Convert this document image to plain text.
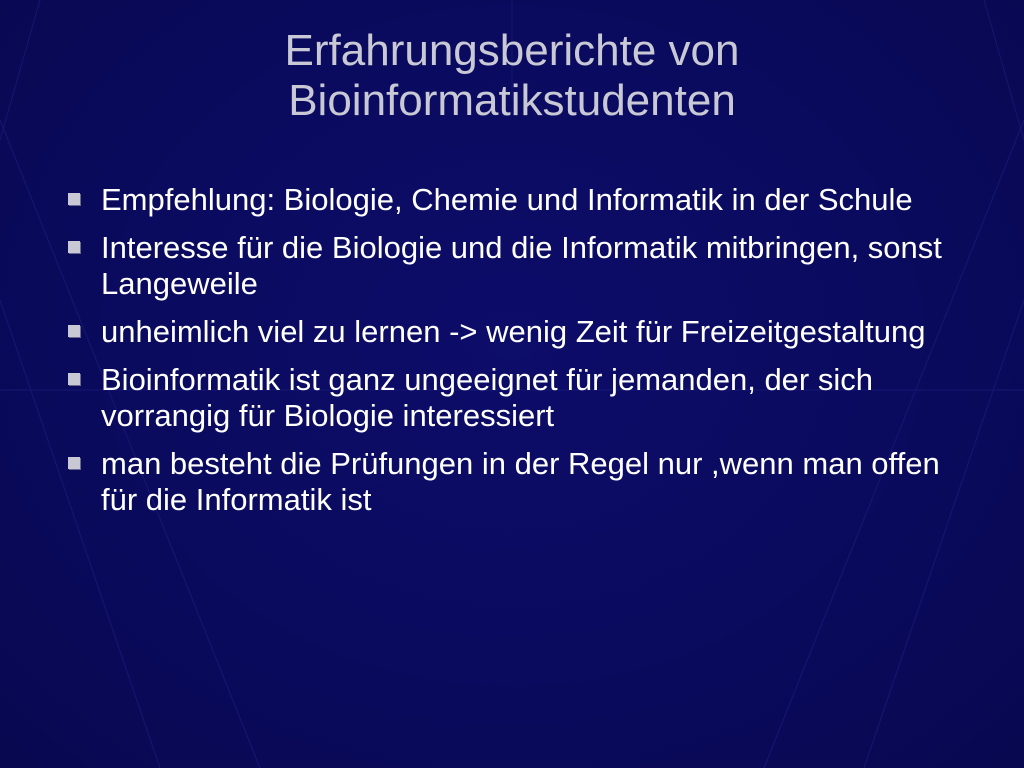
Erfahrungsberichte von
Bioinformatikstudenten
Empfehlung: Biologie, Chemie und Informatik in der Schule
Interesse für die Biologie und die Informatik mitbringen, sonst Langeweile
unheimlich viel zu lernen -> wenig Zeit für Freizeitgestaltung
Bioinformatik ist ganz ungeeignet für jemanden, der sich vorrangig für Biologie interessiert
man besteht die Prüfungen in der Regel nur ,wenn man offen für die Informatik ist
